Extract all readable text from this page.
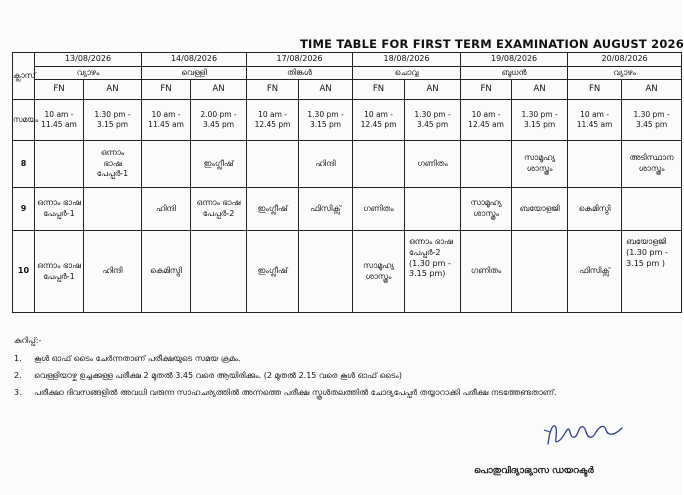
TIME TABLE FOR FIRST TERM EXAMINATION AUGUST 2026
ക്ലാസ്	13/08/2026		14/08/2026		17/08/2026		18/08/2026		19/08/2026		20/08/2026	
	വ്യാഴം		വെള്ളി		തിങ്കൾ		ചൊവ്വ		ബുധൻ		വ്യാഴം	
	FN	AN	FN	AN	FN	AN	FN	AN	FN	AN	FN	AN
സമയം	10 am -
11.45 am	1.30 pm -
3.15 pm	10 am -
11.45 am	2.00 pm -
3.45 pm	10 am -
12.45 pm	1.30 pm -
3.15 pm	10 am -
12.45 pm	1.30 pm -
3.45 pm	10 am -
12.45 am	1.30 pm -
3.15 pm	10 am -
11.45 am	1.30 pm -
3.45 pm
8		ഒന്നാം
ഭാഷ
പേപ്പർ-1		ഇംഗ്ലീഷ്		ഹിന്ദി		ഗണിതം		സാമൂഹ്യ
ശാസ്ത്രം		അടിസ്ഥാന
ശാസ്ത്രം
9	ഒന്നാം ഭാഷ
പേപ്പർ-1		ഹിന്ദി	ഒന്നാം ഭാഷ
പേപ്പർ-2	ഇംഗ്ലീഷ്	ഫിസിക്സ്	ഗണിതം		സാമൂഹ്യ
ശാസ്ത്രം	ബയോളജി	കെമിസ്ട്രി	
10	ഒന്നാം ഭാഷ
പേപ്പർ-1	ഹിന്ദി	കെമിസ്ട്രി		ഇംഗ്ലീഷ്		സാമൂഹ്യ
ശാസ്ത്രം	ഒന്നാം ഭാഷ
പേപ്പർ-2
(1.30 pm -
3.15 pm)	ഗണിതം		ഫിസിക്സ്	ബയോളജി
(1.30 pm -
3.15 pm )
കുറിപ്പ്:-
1. കൂൾ ഓഫ് ടൈം ചേർന്നതാണ് പരീക്ഷയുടെ സമയ ക്രമം.
2. വെള്ളിയാഴ്ച ഉച്ചക്കുള്ള പരീക്ഷ 2 മുതൽ 3.45 വരെ ആയിരിക്കും. (2 മുതൽ 2.15 വരെ കൂൾ ഓഫ് ടൈം)
3. പരീക്ഷാ ദിവസങ്ങളിൽ അവധി വരുന്ന സാഹചര്യത്തിൽ അന്നത്തെ പരീക്ഷ സ്കൂൾതലത്തിൽ ചോദ്യപേപ്പർ തയ്യാറാക്കി പരീക്ഷ നടത്തേണ്ടതാണ്.
പൊതുവിദ്യാഭ്യാസ ഡയറക്ടർ
